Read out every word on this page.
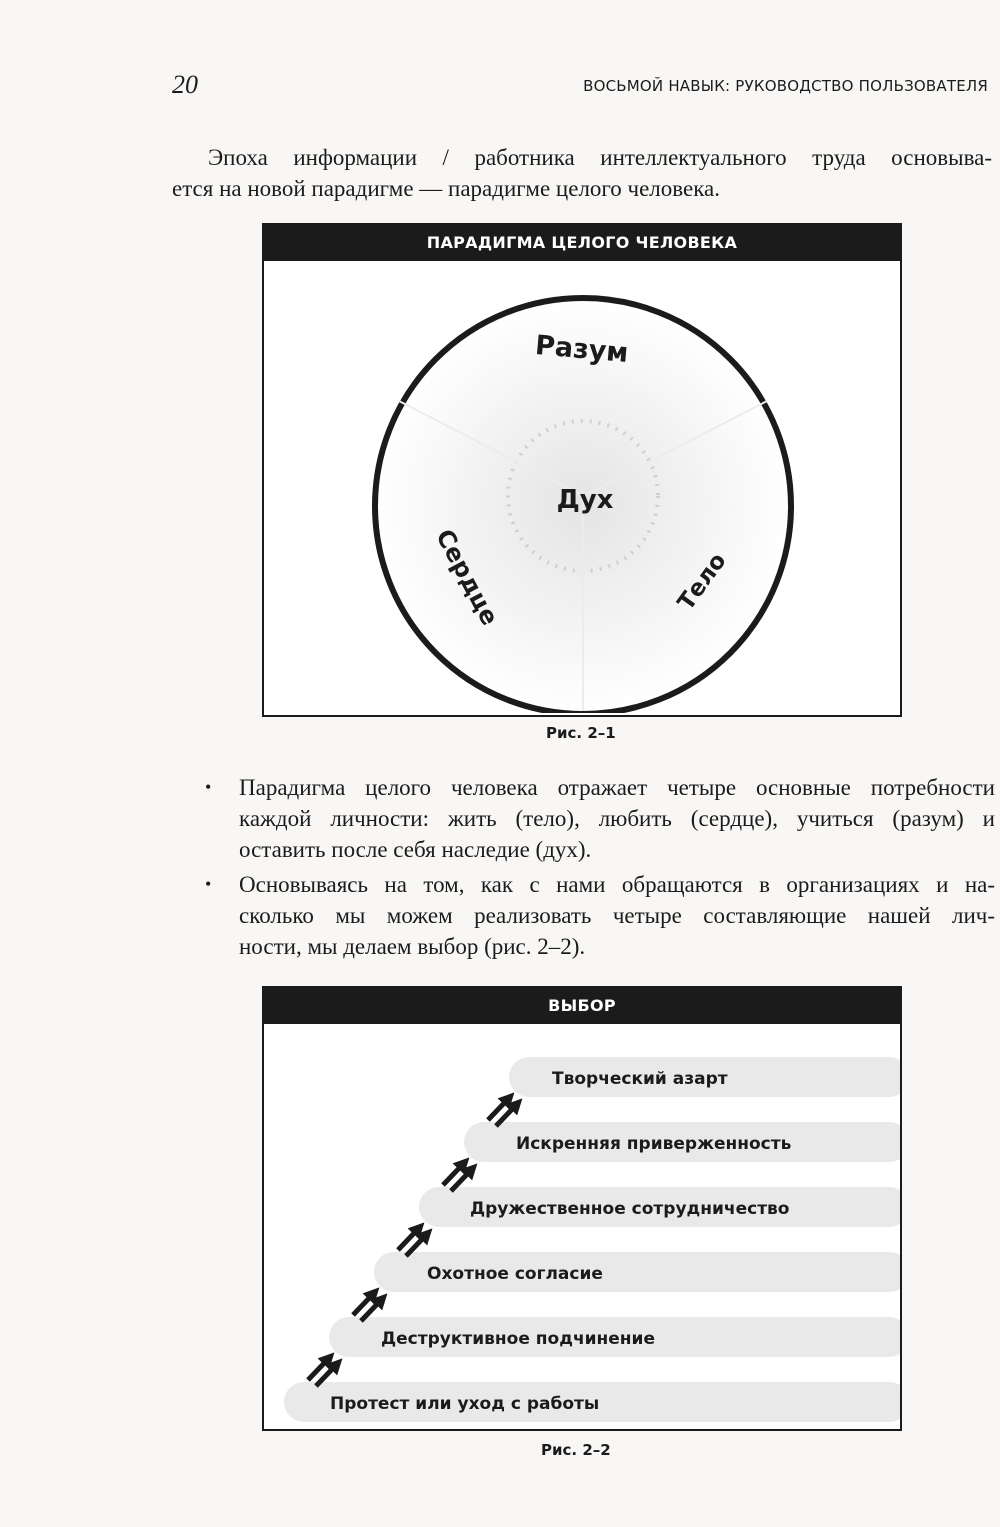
20	ВОСЬМОЙ НАВЫК: РУКОВОДСТВО ПОЛЬЗОВАТЕЛЯ
Эпоха информации / работника интеллектуального труда основыва-
ется на новой парадигме — парадигме целого человека.
ПАРАДИГМА ЦЕЛОГО ЧЕЛОВЕКА
Разум
Дух
Сердце	Тело
Рис. 2–1
• Парадигма целого человека отражает четыре основные потребности
каждой личности: жить (тело), любить (сердце), учиться (разум) и
оставить после себя наследие (дух).
• Основываясь на том, как с нами обращаются в организациях и на-
сколько мы можем реализовать четыре составляющие нашей лич-
ности, мы делаем выбор (рис. 2–2).
ВЫБОР
Творческий азарт
Искренняя приверженность
Дружественное сотрудничество
Охотное согласие
Деструктивное подчинение
Протест или уход с работы
Рис. 2–2
